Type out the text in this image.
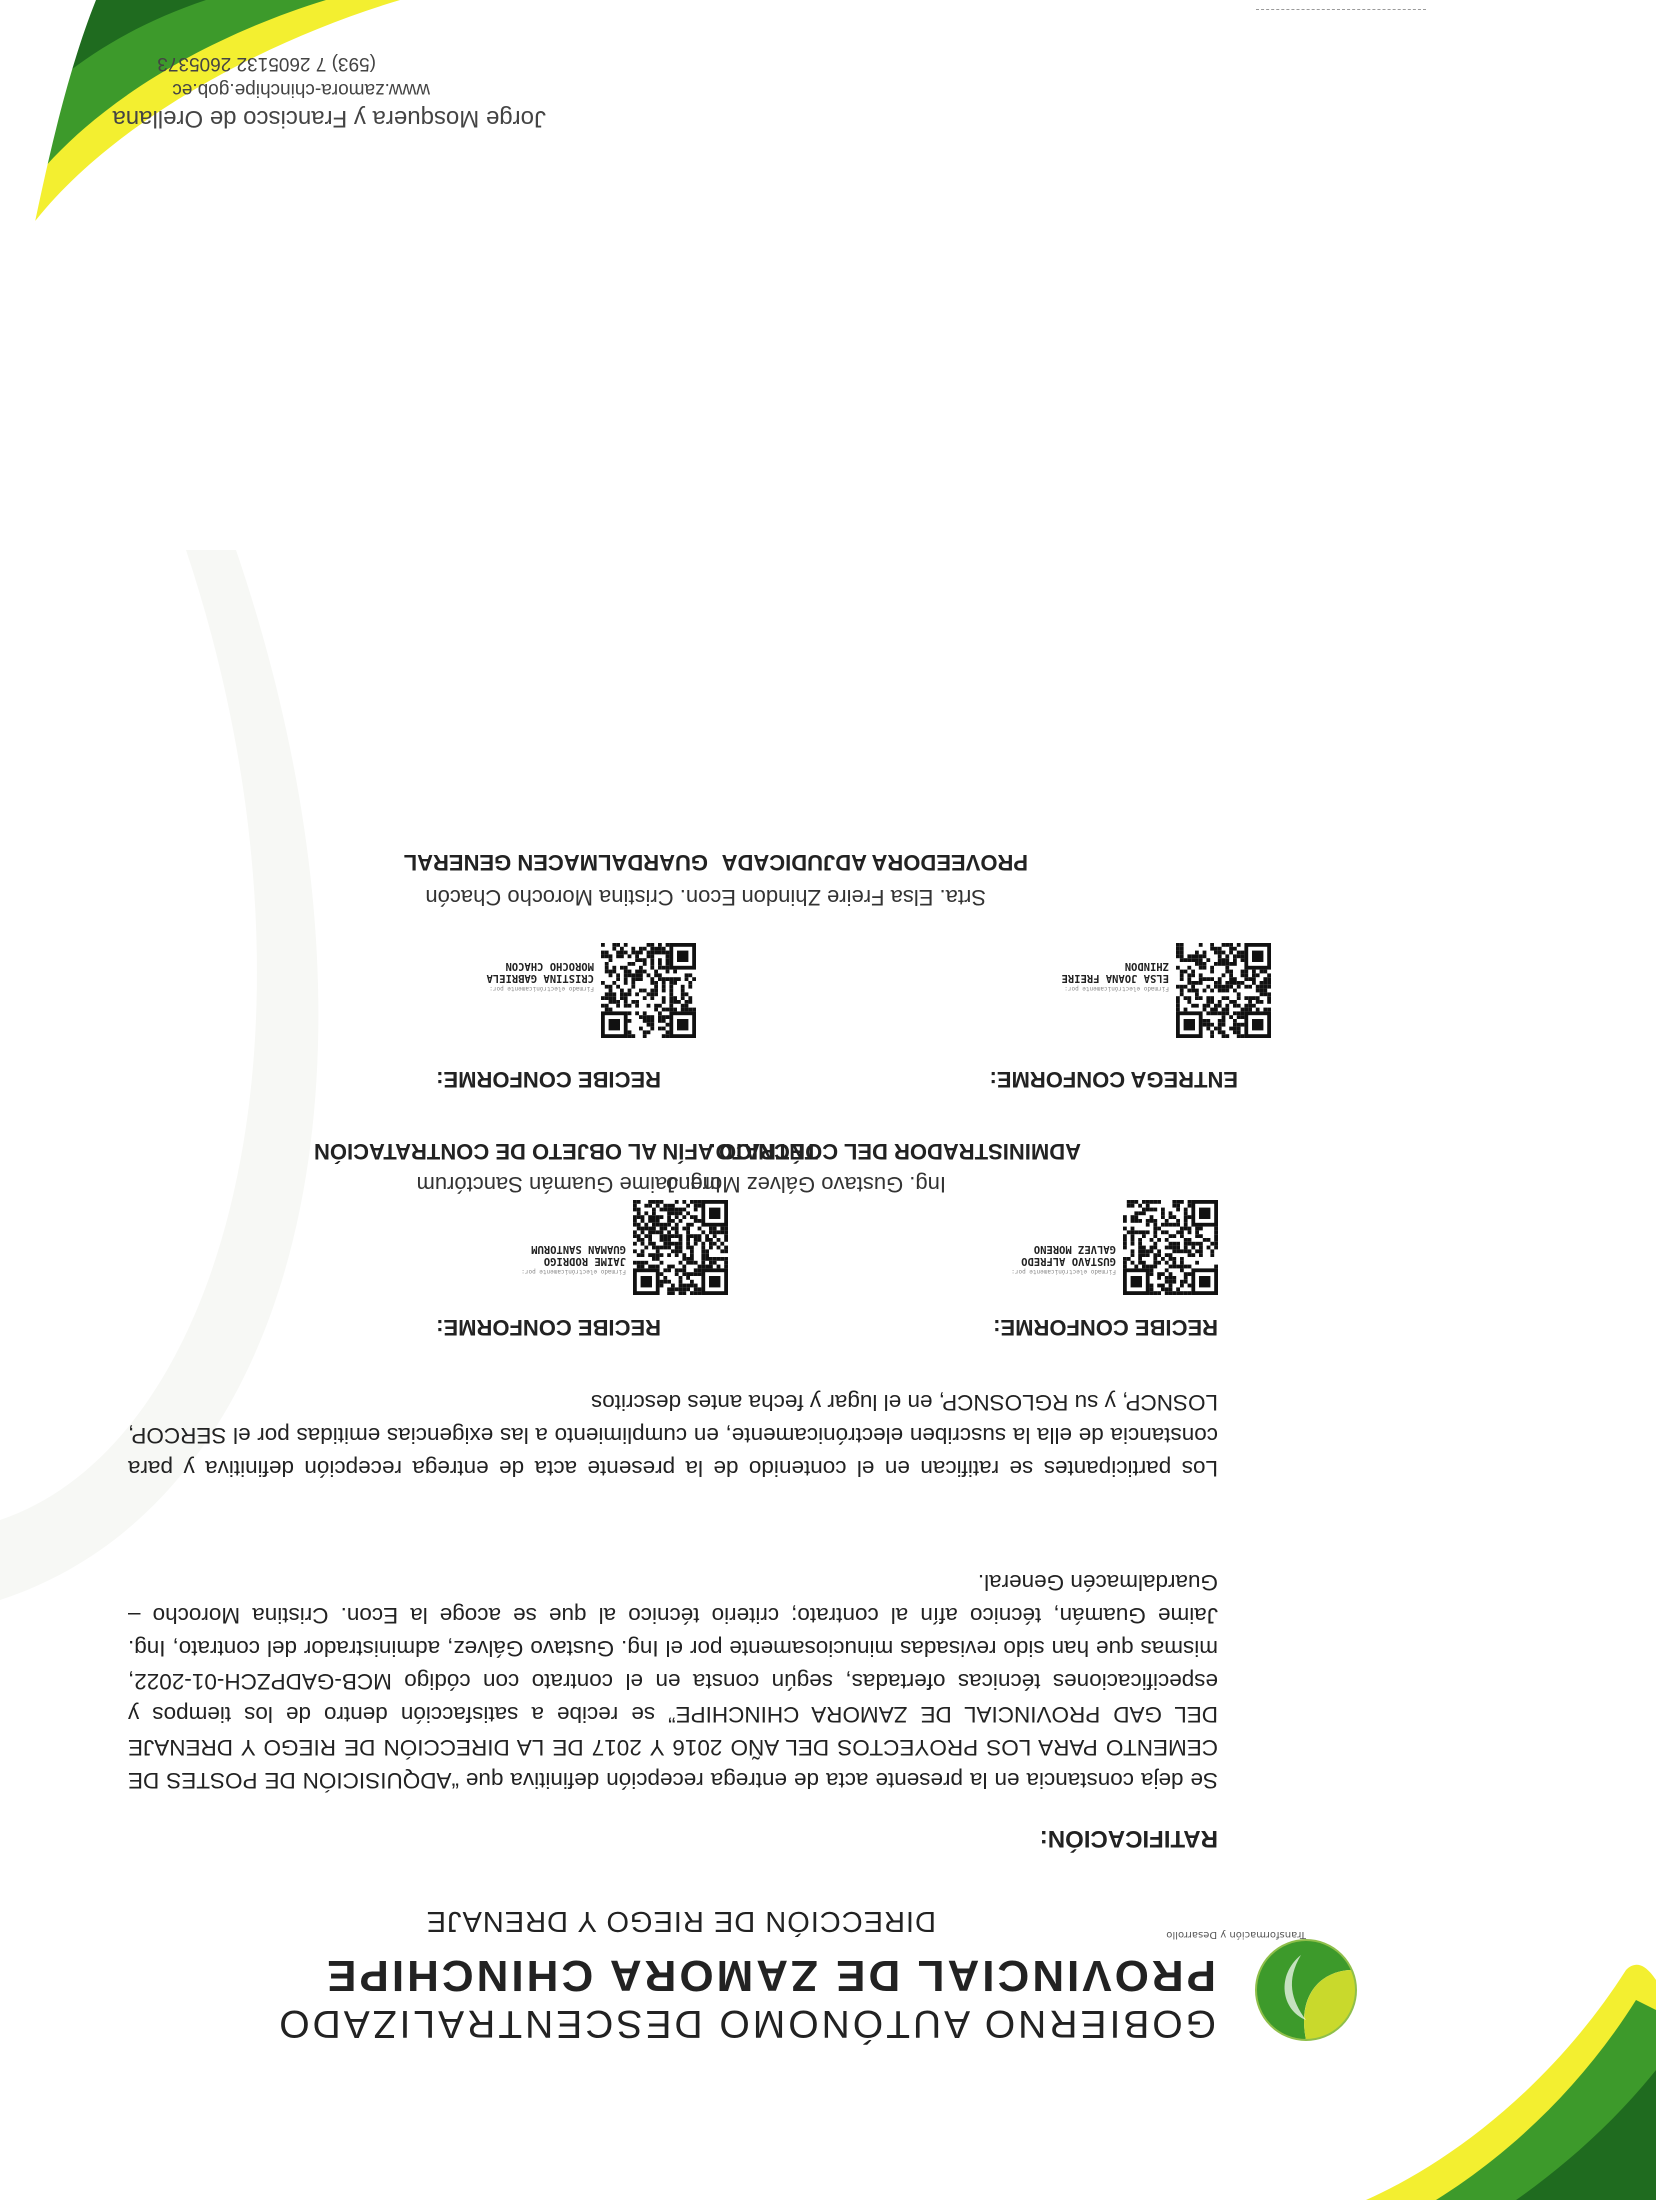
Transformación y Desarrollo
GOBIERNO AUTÓNOMO DESCENTRALIZADO
PROVINCIAL DE ZAMORA CHINCHIPE
DIRECCIÓN DE RIEGO Y DRENAJE
RATIFICACIÓN:
Se deja constancia en la presente acta de entrega recepción definitiva que “ADQUISICIÓN DE POSTES DE CEMENTO PARA LOS PROYECTOS DEL AÑO 2016 Y 2017 DE LA DIRECCIÓN DE RIEGO Y DRENAJE DEL GAD PROVINCIAL DE ZAMORA CHINCHIPE” se recibe a satisfacción dentro de los tiempos y especificaciones técnicas ofertadas, según consta en el contrato con código MCB-GADPZCH-01-2022, mismas que han sido revisadas minuciosamente por el Ing. Gustavo Gálvez, administrador del contrato, Ing. Jaime Guamán, técnico afín al contrato; criterio técnico al que se acoge la Econ. Cristina Morocho – Guardalmacén General.
Los participantes se ratifican en el contenido de la presente acta de entrega recepción definitiva y para constancia de ella la suscriben electrónicamente, en cumplimiento a las exigencias emitidas por el SERCOP, LOSNCP, y su RGLOSNCP, en el lugar y fecha antes descritos
RECIBE CONFORME:
Firmado electrónicamente por:
GUSTAVO ALFREDO
GALVEZ MORENO
Ing. Gustavo Gálvez Moreno
ADMINISTRADOR DEL CONTRATO.
RECIBE CONFORME:
Firmado electrónicamente por:
JAIME RODRIGO
GUAMAN SANTORUM
Ing. Jaime Guamán Sanctórum
TÉCNICO AFÍN AL OBJETO DE CONTRATACIÓN
ENTREGA CONFORME:
Firmado electrónicamente por:
ELSA JOANA FREIRE
ZHINDON
Srta. Elsa Freire Zhindon
PROVEEDORA ADJUDICADA
RECIBE CONFORME:
Firmado electrónicamente por:
CRISTINA GABRIELA
MOROCHO CHACON
Econ. Cristina Morocho Chacón
GUARDALMACEN GENERAL
Jorge Mosquera y Francisco de Orellana
www.zamora-chinchipe.gob.ec
(593) 7 2605132 2605373
